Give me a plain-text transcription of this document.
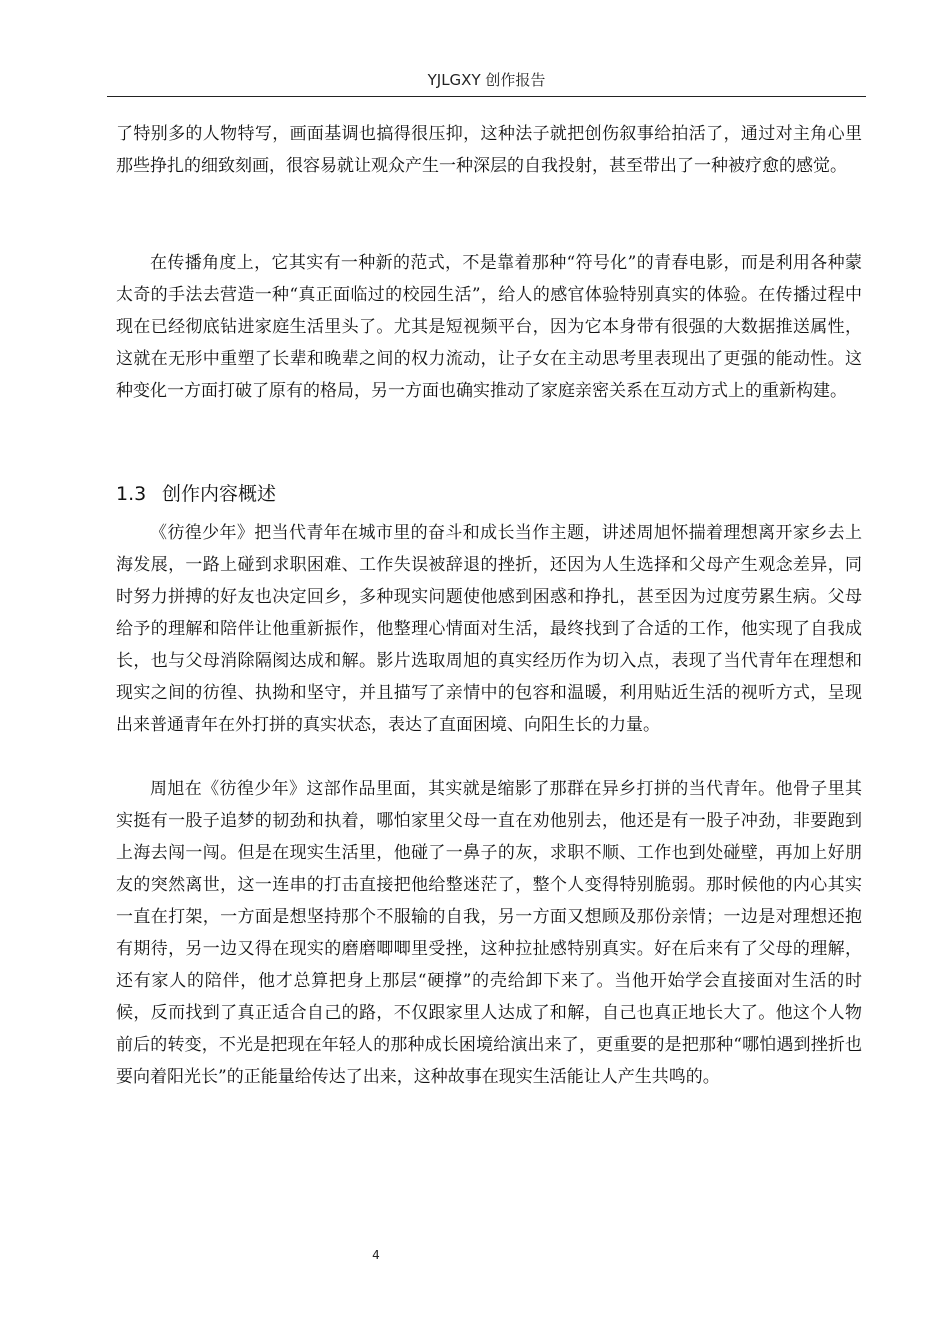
YJLGXY 创作报告

了特别多的人物特写，画面基调也搞得很压抑，这种法子就把创伤叙事给拍活了，通过对主角心里那些挣扎的细致刻画，很容易就让观众产生一种深层的自我投射，甚至带出了一种被疗愈的感觉。

在传播角度上，它其实有一种新的范式，不是靠着那种“符号化”的青春电影，而是利用各种蒙太奇的手法去营造一种“真正面临过的校园生活”，给人的感官体验特别真实的体验。在传播过程中现在已经彻底钻进家庭生活里头了。尤其是短视频平台，因为它本身带有很强的大数据推送属性，这就在无形中重塑了长辈和晚辈之间的权力流动，让子女在主动思考里表现出了更强的能动性。这种变化一方面打破了原有的格局，另一方面也确实推动了家庭亲密关系在互动方式上的重新构建。

1.3 创作内容概述

《彷徨少年》把当代青年在城市里的奋斗和成长当作主题，讲述周旭怀揣着理想离开家乡去上海发展，一路上碰到求职困难、工作失误被辞退的挫折，还因为人生选择和父母产生观念差异，同时努力拼搏的好友也决定回乡，多种现实问题使他感到困惑和挣扎，甚至因为过度劳累生病。父母给予的理解和陪伴让他重新振作，他整理心情面对生活，最终找到了合适的工作，他实现了自我成长，也与父母消除隔阂达成和解。影片选取周旭的真实经历作为切入点，表现了当代青年在理想和现实之间的彷徨、执拗和坚守，并且描写了亲情中的包容和温暖，利用贴近生活的视听方式，呈现出来普通青年在外打拼的真实状态，表达了直面困境、向阳生长的力量。

周旭在《彷徨少年》这部作品里面，其实就是缩影了那群在异乡打拼的当代青年。他骨子里其实挺有一股子追梦的韧劲和执着，哪怕家里父母一直在劝他别去，他还是有一股子冲劲，非要跑到上海去闯一闯。但是在现实生活里，他碰了一鼻子的灰，求职不顺、工作也到处碰壁，再加上好朋友的突然离世，这一连串的打击直接把他给整迷茫了，整个人变得特别脆弱。那时候他的内心其实一直在打架，一方面是想坚持那个不服输的自我，另一方面又想顾及那份亲情；一边是对理想还抱有期待，另一边又得在现实的磨磨唧唧里受挫，这种拉扯感特别真实。好在后来有了父母的理解，还有家人的陪伴，他才总算把身上那层“硬撑”的壳给卸下来了。当他开始学会直接面对生活的时候，反而找到了真正适合自己的路，不仅跟家里人达成了和解，自己也真正地长大了。他这个人物前后的转变，不光是把现在年轻人的那种成长困境给演出来了，更重要的是把那种“哪怕遇到挫折也要向着阳光长”的正能量给传达了出来，这种故事在现实生活能让人产生共鸣的。

4
